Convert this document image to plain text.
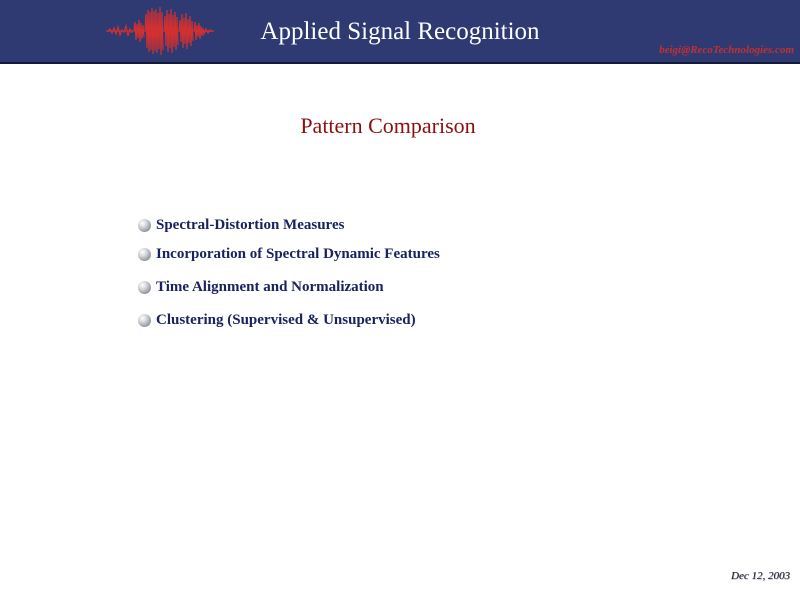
Applied Signal Recognition
beigi@RecoTechnologies.com
Pattern Comparison
Spectral-Distortion Measures
Incorporation of Spectral Dynamic Features
Time Alignment and Normalization
Clustering (Supervised & Unsupervised)
Dec 12, 2003
